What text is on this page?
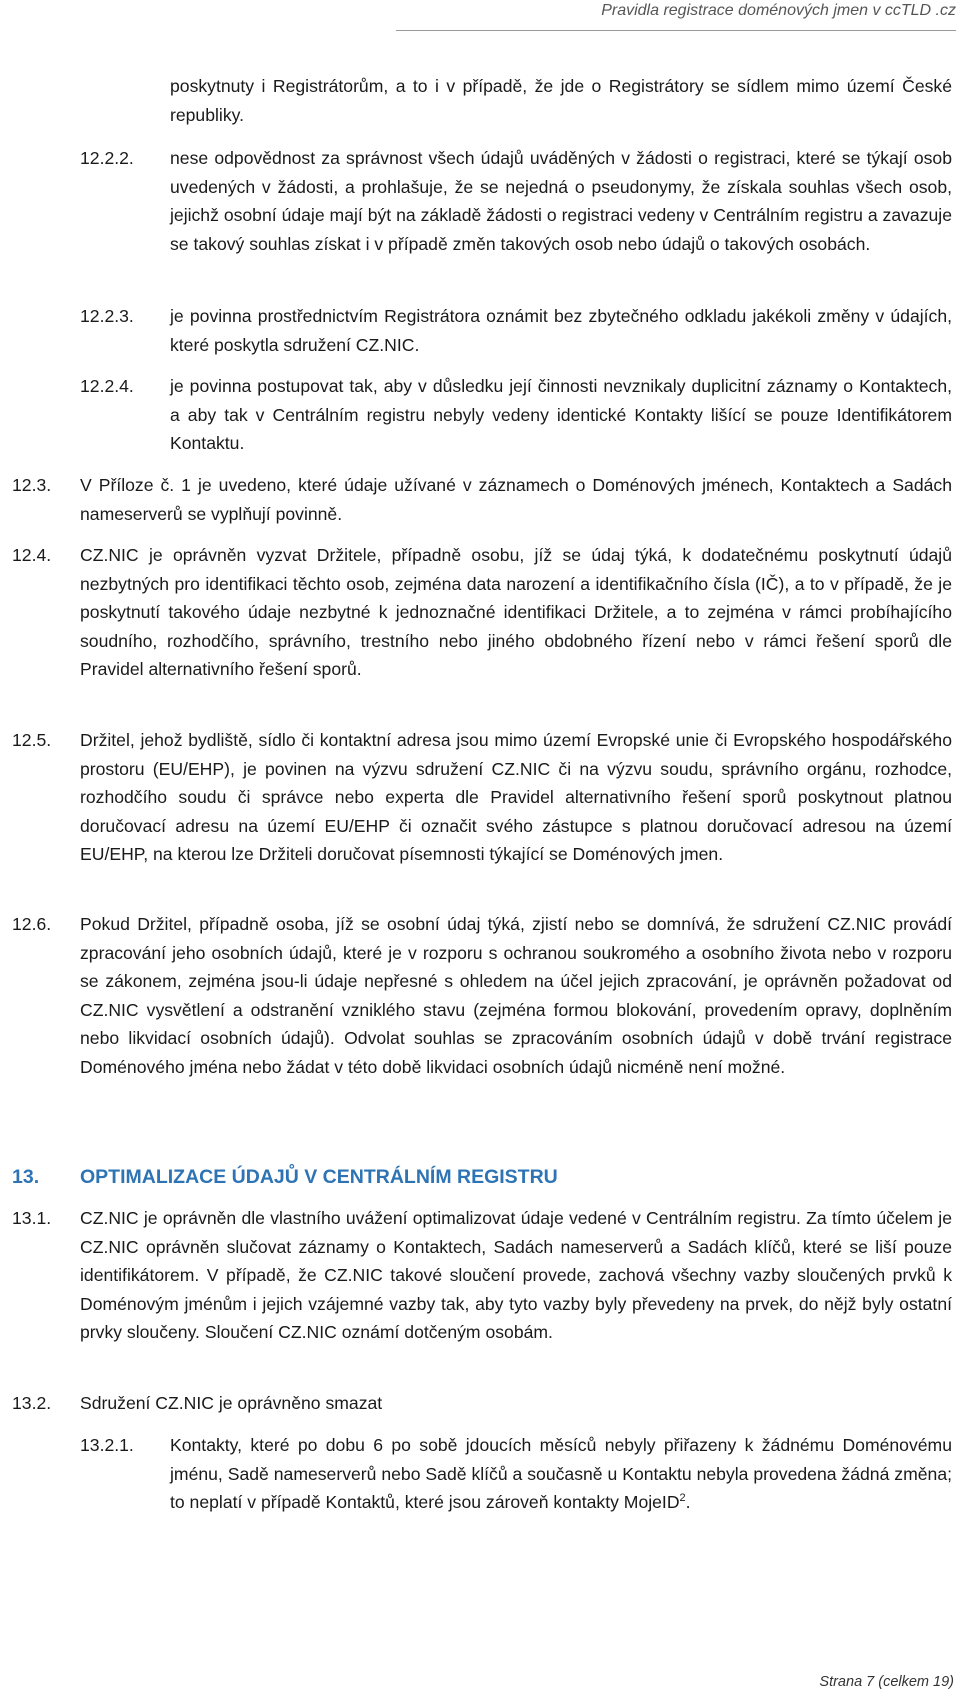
Pravidla registrace doménových jmen v ccTLD .cz
poskytnuty i Registrátorům, a to i v případě, že jde o Registrátory se sídlem mimo území České republiky.
12.2.2. nese odpovědnost za správnost všech údajů uváděných v žádosti o registraci, které se týkají osob uvedených v žádosti, a prohlašuje, že se nejedná o pseudonymy, že získala souhlas všech osob, jejichž osobní údaje mají být na základě žádosti o registraci vedeny v Centrálním registru a zavazuje se takový souhlas získat i v případě změn takových osob nebo údajů o takových osobách.
12.2.3. je povinna prostřednictvím Registrátora oznámit bez zbytečného odkladu jakékoli změny v údajích, které poskytla sdružení CZ.NIC.
12.2.4. je povinna postupovat tak, aby v důsledku její činnosti nevznikaly duplicitní záznamy o Kontaktech, a aby tak v Centrálním registru nebyly vedeny identické Kontakty lišící se pouze Identifikátorem Kontaktu.
12.3. V Příloze č. 1 je uvedeno, které údaje užívané v záznamech o Doménových jménech, Kontaktech a Sadách nameserverů se vyplňují povinně.
12.4. CZ.NIC je oprávněn vyzvat Držitele, případně osobu, jíž se údaj týká, k dodatečnému poskytnutí údajů nezbytných pro identifikaci těchto osob, zejména data narození a identifikačního čísla (IČ), a to v případě, že je poskytnutí takového údaje nezbytné k jednoznačné identifikaci Držitele, a to zejména v rámci probíhajícího soudního, rozhodčího, správního, trestního nebo jiného obdobného řízení nebo v rámci řešení sporů dle Pravidel alternativního řešení sporů.
12.5. Držitel, jehož bydliště, sídlo či kontaktní adresa jsou mimo území Evropské unie či Evropského hospodářského prostoru (EU/EHP), je povinen na výzvu sdružení CZ.NIC či na výzvu soudu, správního orgánu, rozhodce, rozhodčího soudu či správce nebo experta dle Pravidel alternativního řešení sporů poskytnout platnou doručovací adresu na území EU/EHP či označit svého zástupce s platnou doručovací adresou na území EU/EHP, na kterou lze Držiteli doručovat písemnosti týkající se Doménových jmen.
12.6. Pokud Držitel, případně osoba, jíž se osobní údaj týká, zjistí nebo se domnívá, že sdružení CZ.NIC provádí zpracování jeho osobních údajů, které je v rozporu s ochranou soukromého a osobního života nebo v rozporu se zákonem, zejména jsou-li údaje nepřesné s ohledem na účel jejich zpracování, je oprávněn požadovat od CZ.NIC vysvětlení a odstranění vzniklého stavu (zejména formou blokování, provedením opravy, doplněním nebo likvidací osobních údajů). Odvolat souhlas se zpracováním osobních údajů v době trvání registrace Doménového jména nebo žádat v této době likvidaci osobních údajů nicméně není možné.
13. OPTIMALIZACE ÚDAJŮ V CENTRÁLNÍM REGISTRU
13.1. CZ.NIC je oprávněn dle vlastního uvážení optimalizovat údaje vedené v Centrálním registru. Za tímto účelem je CZ.NIC oprávněn slučovat záznamy o Kontaktech, Sadách nameserverů a Sadách klíčů, které se liší pouze identifikátorem. V případě, že CZ.NIC takové sloučení provede, zachová všechny vazby sloučených prvků k Doménovým jménům i jejich vzájemné vazby tak, aby tyto vazby byly převedeny na prvek, do nějž byly ostatní prvky sloučeny. Sloučení CZ.NIC oznámí dotčeným osobám.
13.2. Sdružení CZ.NIC je oprávněno smazat
13.2.1. Kontakty, které po dobu 6 po sobě jdoucích měsíců nebyly přiřazeny k žádnému Doménovému jménu, Sadě nameserverů nebo Sadě klíčů a současně u Kontaktu nebyla provedena žádná změna; to neplatí v případě Kontaktů, které jsou zároveň kontakty MojeID$^2$.
Strana 7 (celkem 19)
